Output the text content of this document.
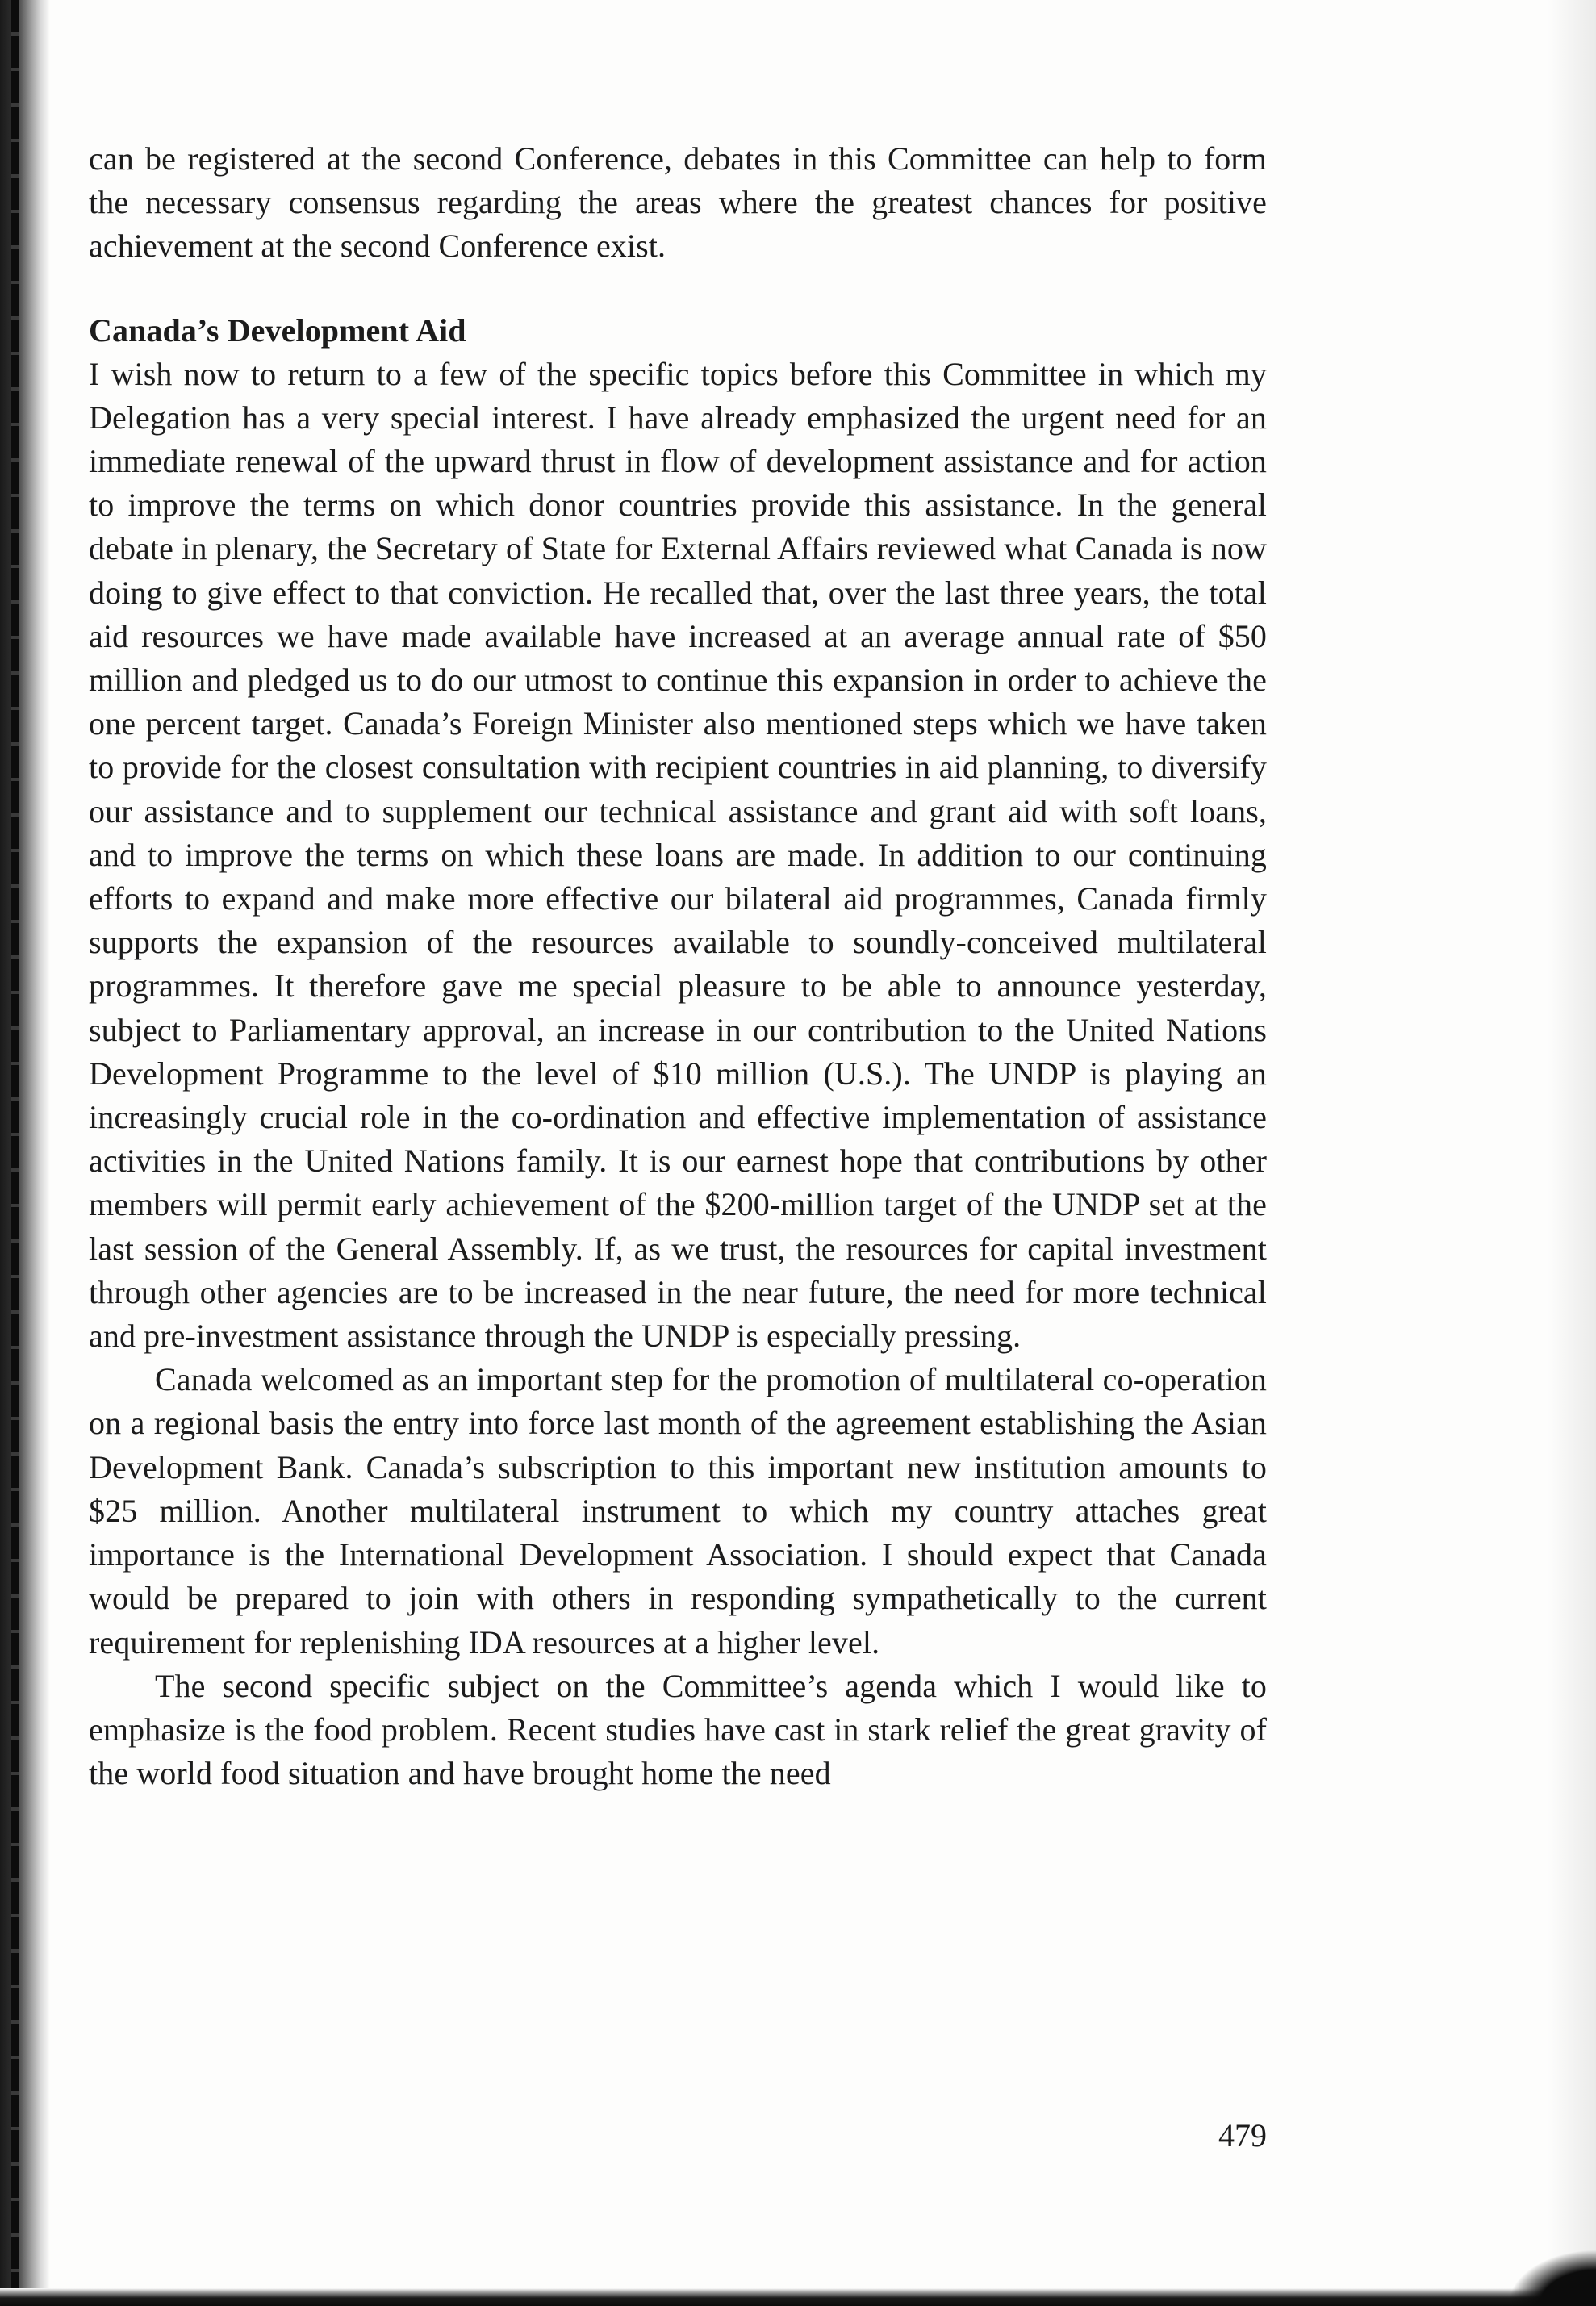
can be registered at the second Conference, debates in this Committee can help to form the necessary consensus regarding the areas where the greatest chances for positive achievement at the second Conference exist.

Canada’s Development Aid

I wish now to return to a few of the specific topics before this Committee in which my Delegation has a very special interest. I have already emphasized the urgent need for an immediate renewal of the upward thrust in flow of development assistance and for action to improve the terms on which donor countries provide this assistance. In the general debate in plenary, the Secretary of State for External Affairs reviewed what Canada is now doing to give effect to that conviction. He recalled that, over the last three years, the total aid resources we have made available have increased at an average annual rate of $50 million and pledged us to do our utmost to continue this expansion in order to achieve the one percent target. Canada’s Foreign Minister also mentioned steps which we have taken to provide for the closest consultation with recipient countries in aid planning, to diversify our assistance and to supplement our technical assistance and grant aid with soft loans, and to improve the terms on which these loans are made. In addition to our continuing efforts to expand and make more effective our bilateral aid programmes, Canada firmly supports the expansion of the resources available to soundly-conceived multilateral programmes. It therefore gave me special pleasure to be able to announce yesterday, subject to Parliamentary approval, an increase in our contribution to the United Nations Development Programme to the level of $10 million (U.S.). The UNDP is playing an increasingly crucial role in the co-ordination and effective implementation of assistance activities in the United Nations family. It is our earnest hope that contributions by other members will permit early achievement of the $200-million target of the UNDP set at the last session of the General Assembly. If, as we trust, the resources for capital investment through other agencies are to be increased in the near future, the need for more technical and pre-investment assistance through the UNDP is especially pressing.

Canada welcomed as an important step for the promotion of multilateral co-operation on a regional basis the entry into force last month of the agreement establishing the Asian Development Bank. Canada’s subscription to this important new institution amounts to $25 million. Another multilateral instrument to which my country attaches great importance is the International Development Association. I should expect that Canada would be prepared to join with others in responding sympathetically to the current requirement for replenishing IDA resources at a higher level.

The second specific subject on the Committee’s agenda which I would like to emphasize is the food problem. Recent studies have cast in stark relief the great gravity of the world food situation and have brought home the need

479
